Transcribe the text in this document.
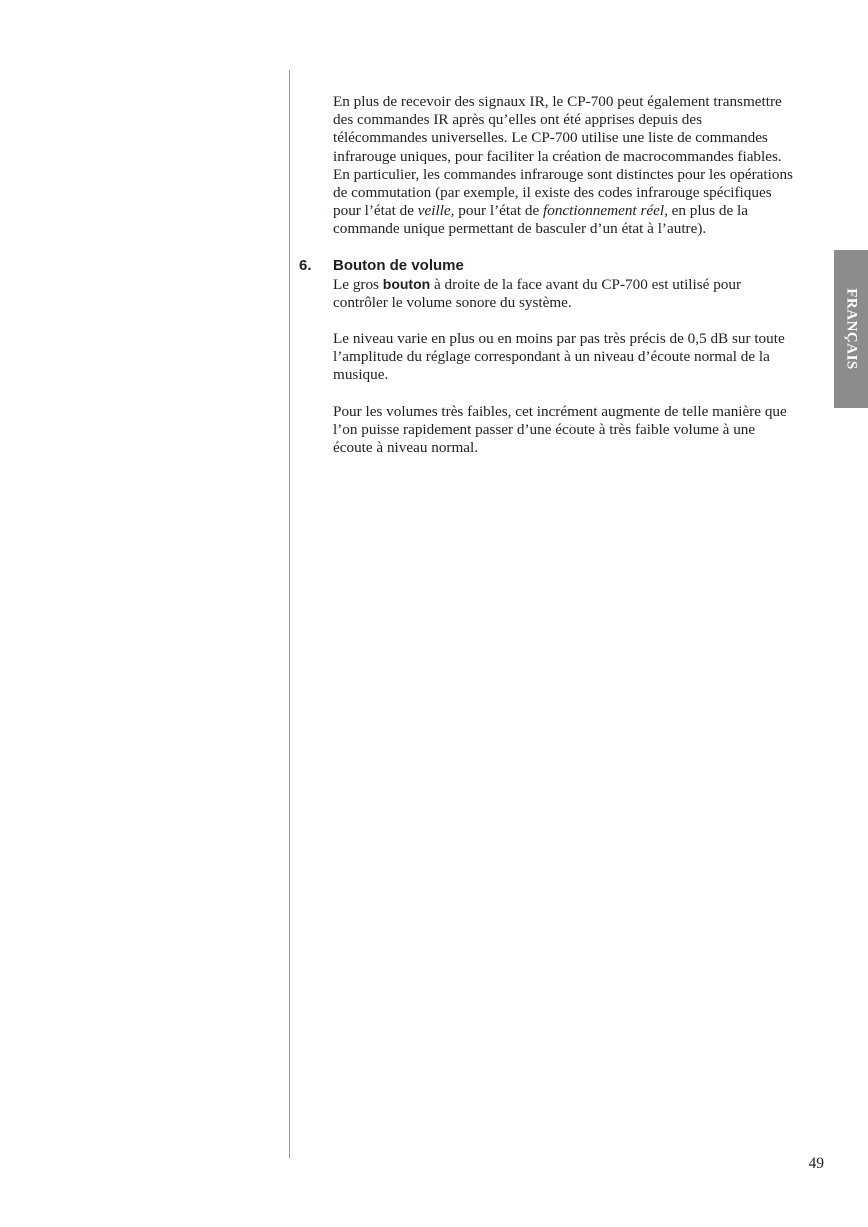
En plus de recevoir des signaux IR, le CP-700 peut également transmettre des commandes IR après qu’elles ont été apprises depuis des télécommandes universelles. Le CP-700 utilise une liste de commandes infrarouge uniques, pour faciliter la création de macrocommandes fiables. En particulier, les commandes infrarouge sont distinctes pour les opérations de commutation (par exemple, il existe des codes infrarouge spécifiques pour l’état de veille, pour l’état de fonctionnement réel, en plus de la commande unique permettant de basculer d’un état à l’autre).

6. Bouton de volume

Le gros bouton à droite de la face avant du CP-700 est utilisé pour contrôler le volume sonore du système.

Le niveau varie en plus ou en moins par pas très précis de 0,5 dB sur toute l’amplitude du réglage correspondant à un niveau d’écoute normal de la musique.

Pour les volumes très faibles, cet incrément augmente de telle manière que l’on puisse rapidement passer d’une écoute à très faible volume à une écoute à niveau normal.

FRANÇAIS
49
